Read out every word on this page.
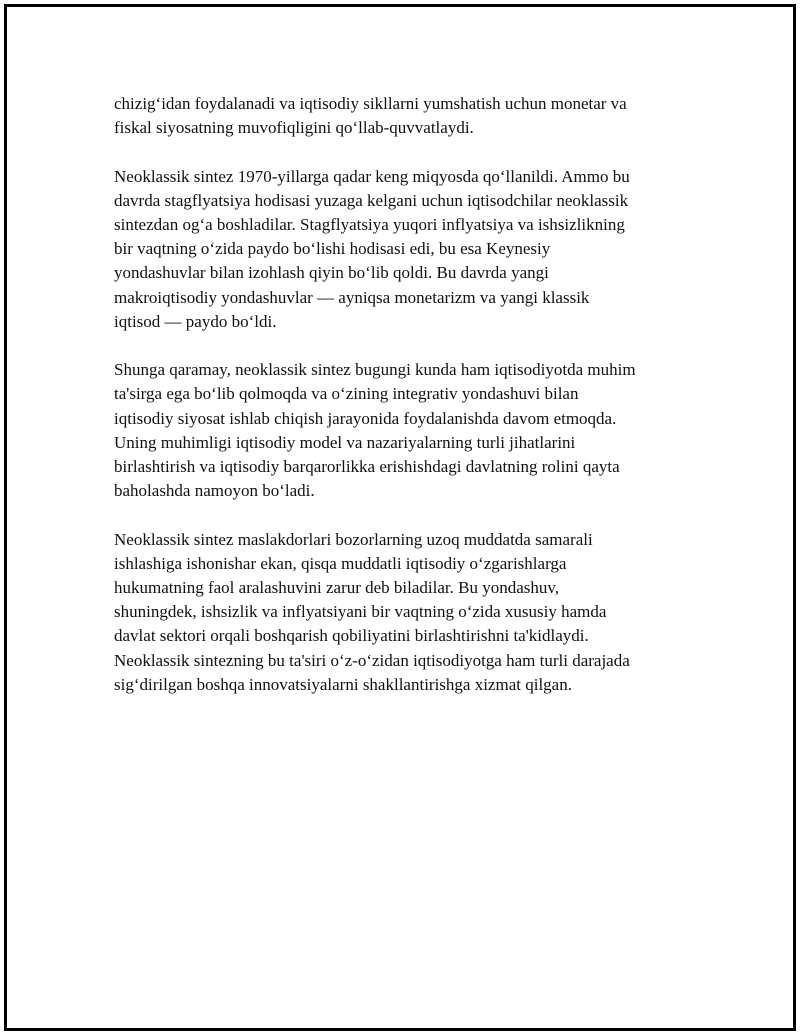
chizig‘idan foydalanadi va iqtisodiy sikllarni yumshatish uchun monetar va
fiskal siyosatning muvofiqligini qo‘llab-quvvatlaydi.

Neoklassik sintez 1970-yillarga qadar keng miqyosda qo‘llanildi. Ammo bu
davrda stagflyatsiya hodisasi yuzaga kelgani uchun iqtisodchilar neoklassik
sintezdan og‘a boshladilar. Stagflyatsiya yuqori inflyatsiya va ishsizlikning
bir vaqtning o‘zida paydo bo‘lishi hodisasi edi, bu esa Keynesiy
yondashuvlar bilan izohlash qiyin bo‘lib qoldi. Bu davrda yangi
makroiqtisodiy yondashuvlar — ayniqsa monetarizm va yangi klassik
iqtisod — paydo bo‘ldi.

Shunga qaramay, neoklassik sintez bugungi kunda ham iqtisodiyotda muhim
ta'sirga ega bo‘lib qolmoqda va o‘zining integrativ yondashuvi bilan
iqtisodiy siyosat ishlab chiqish jarayonida foydalanishda davom etmoqda.
Uning muhimligi iqtisodiy model va nazariyalarning turli jihatlarini
birlashtirish va iqtisodiy barqarorlikka erishishdagi davlatning rolini qayta
baholashda namoyon bo‘ladi.

Neoklassik sintez maslakdorlari bozorlarning uzoq muddatda samarali
ishlashiga ishonishar ekan, qisqa muddatli iqtisodiy o‘zgarishlarga
hukumatning faol aralashuvini zarur deb biladilar. Bu yondashuv,
shuningdek, ishsizlik va inflyatsiyani bir vaqtning o‘zida xususiy hamda
davlat sektori orqali boshqarish qobiliyatini birlashtirishni ta'kidlaydi.
Neoklassik sintezning bu ta'siri o‘z-o‘zidan iqtisodiyotga ham turli darajada
sig‘dirilgan boshqa innovatsiyalarni shakllantirishga xizmat qilgan.
